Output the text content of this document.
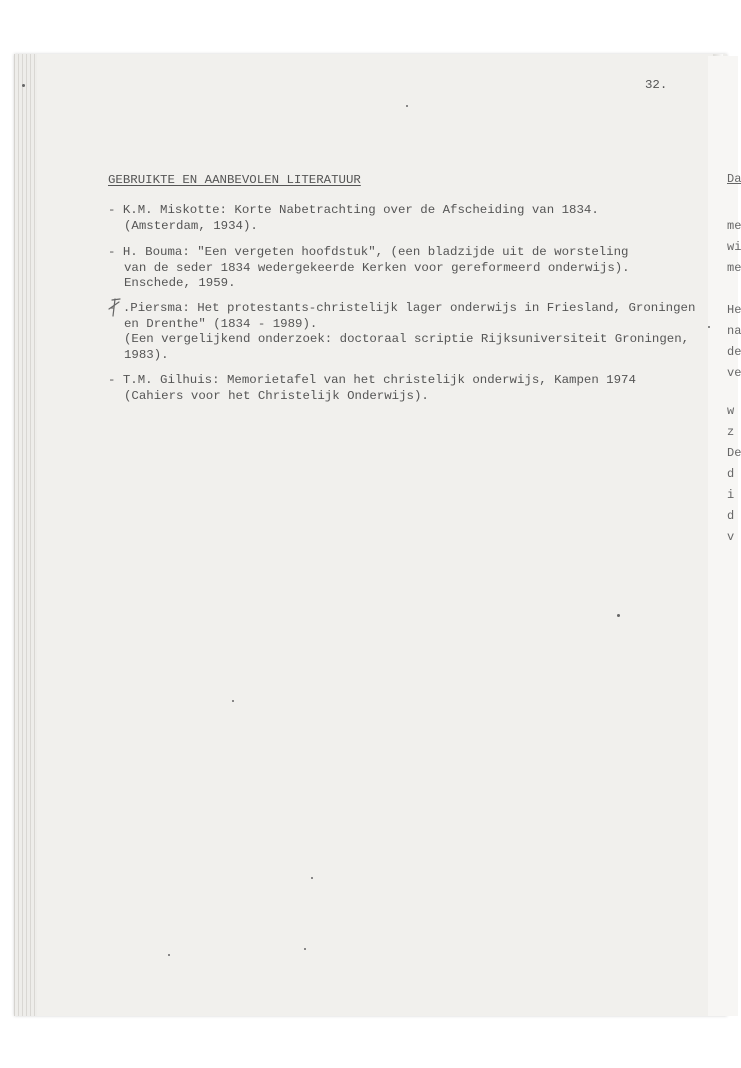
32.
GEBRUIKTE EN AANBEVOLEN LITERATUUR
- K.M. Miskotte: Korte Nabetrachting over de Afscheiding van 1834.
(Amsterdam, 1934).
- H. Bouma: "Een vergeten hoofdstuk", (een bladzijde uit de worsteling
van de seder 1834 wedergekeerde Kerken voor gereformeerd onderwijs).
Enschede, 1959.
- .Piersma: Het protestants-christelijk lager onderwijs in Friesland, Groningen
en Drenthe" (1834 - 1989).
(Een vergelijkend onderzoek: doctoraal scriptie Rijksuniversiteit Groningen,
1983).
- T.M. Gilhuis: Memorietafel van het christelijk onderwijs, Kampen 1974
(Cahiers voor het Christelijk Onderwijs).
Da
me
wi
me
He
na
de
ve
w
z
De
d
i
d
v
